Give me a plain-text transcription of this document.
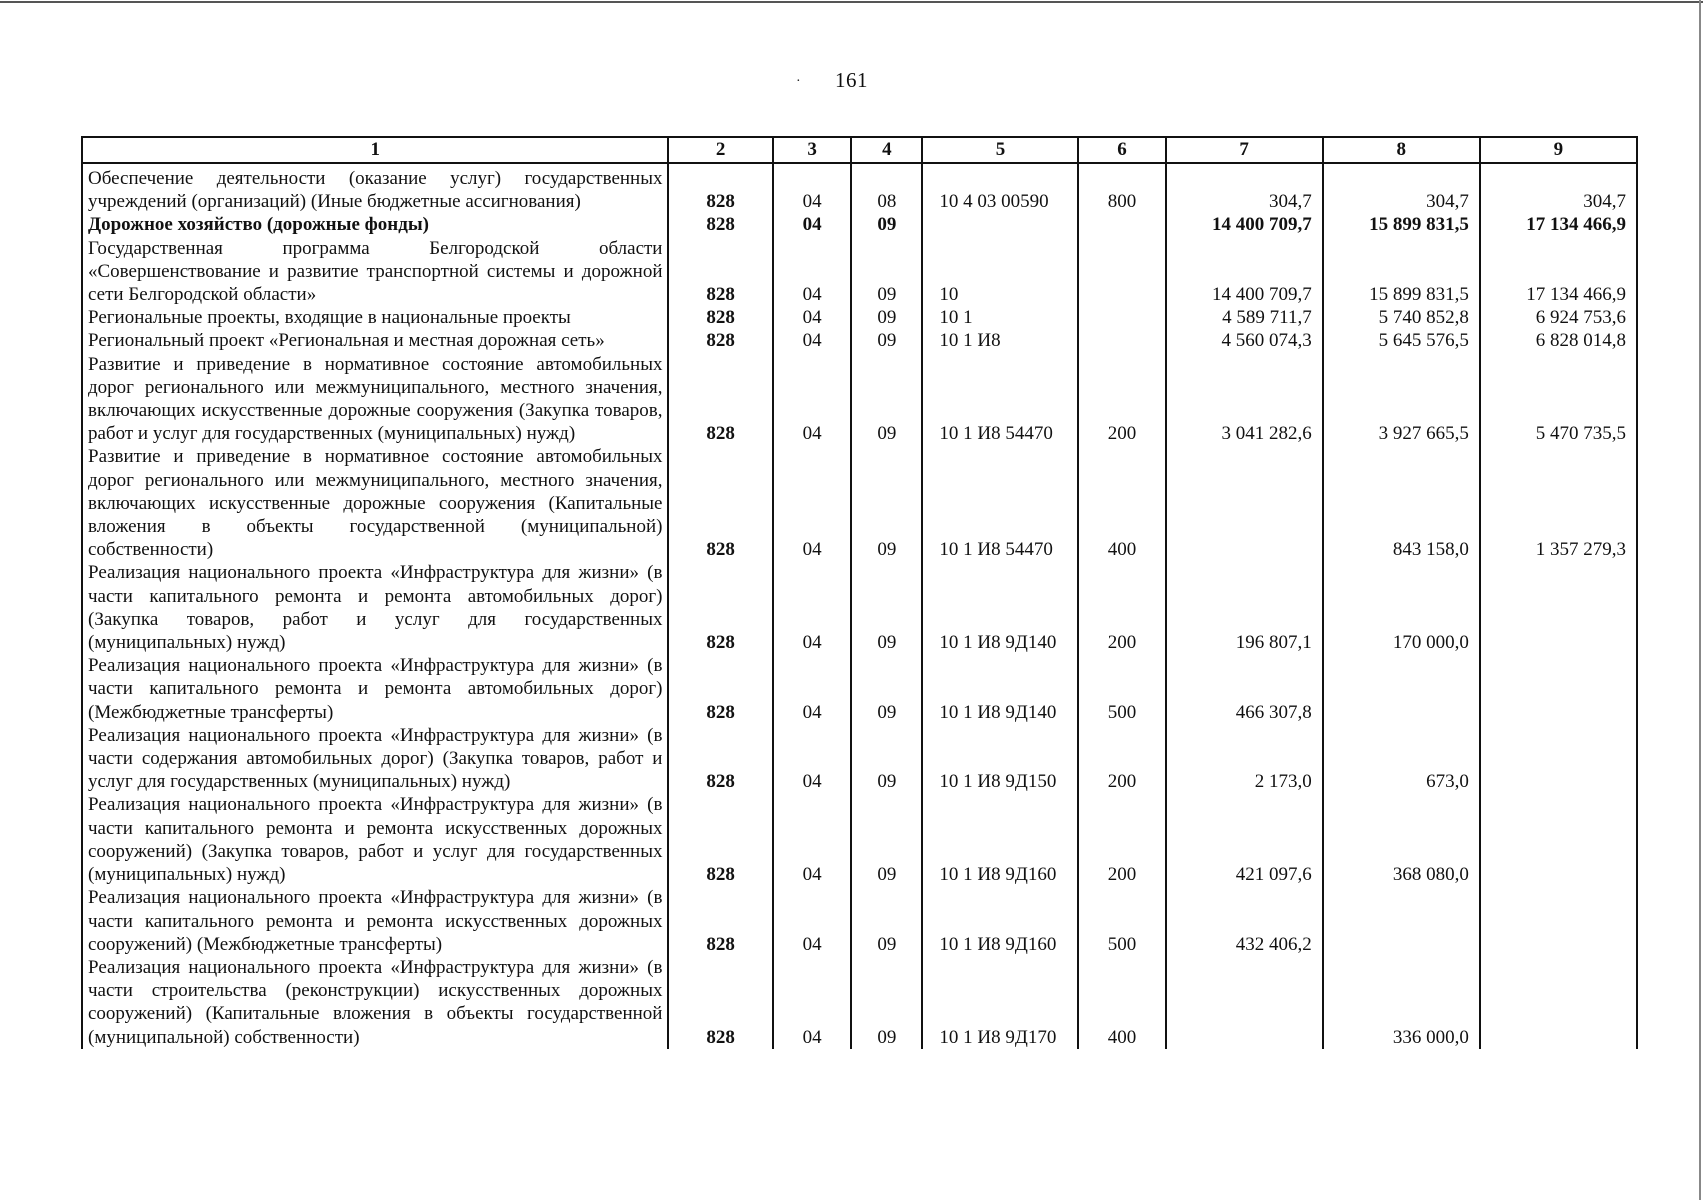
· 161
1	2	3	4	5	6	7	8	9
Обеспечение деятельности (оказание услуг) государственных учреждений (организаций) (Иные бюджетные ассигнования)	828	04	08	10 4 03 00590	800	304,7	304,7	304,7
Дорожное хозяйство (дорожные фонды)	828	04	09			14 400 709,7	15 899 831,5	17 134 466,9
Государственная программа Белгородской области «Совершенствование и развитие транспортной системы и дорожной сети Белгородской области»	828	04	09	10		14 400 709,7	15 899 831,5	17 134 466,9
Региональные проекты, входящие в национальные проекты	828	04	09	10 1		4 589 711,7	5 740 852,8	6 924 753,6
Региональный проект «Региональная и местная дорожная сеть»	828	04	09	10 1 И8		4 560 074,3	5 645 576,5	6 828 014,8
Развитие и приведение в нормативное состояние автомобильных дорог регионального или межмуниципального, местного значения, включающих искусственные дорожные сооружения (Закупка товаров, работ и услуг для государственных (муниципальных) нужд)	828	04	09	10 1 И8 54470	200	3 041 282,6	3 927 665,5	5 470 735,5
Развитие и приведение в нормативное состояние автомобильных дорог регионального или межмуниципального, местного значения, включающих искусственные дорожные сооружения (Капитальные вложения в объекты государственной (муниципальной) собственности)	828	04	09	10 1 И8 54470	400		843 158,0	1 357 279,3
Реализация национального проекта «Инфраструктура для жизни» (в части капитального ремонта и ремонта автомобильных дорог) (Закупка товаров, работ и услуг для государственных (муниципальных) нужд)	828	04	09	10 1 И8 9Д140	200	196 807,1	170 000,0	
Реализация национального проекта «Инфраструктура для жизни» (в части капитального ремонта и ремонта автомобильных дорог) (Межбюджетные трансферты)	828	04	09	10 1 И8 9Д140	500	466 307,8		
Реализация национального проекта «Инфраструктура для жизни» (в части содержания автомобильных дорог) (Закупка товаров, работ и услуг для государственных (муниципальных) нужд)	828	04	09	10 1 И8 9Д150	200	2 173,0	673,0	
Реализация национального проекта «Инфраструктура для жизни» (в части капитального ремонта и ремонта искусственных дорожных сооружений) (Закупка товаров, работ и услуг для государственных (муниципальных) нужд)	828	04	09	10 1 И8 9Д160	200	421 097,6	368 080,0	
Реализация национального проекта «Инфраструктура для жизни» (в части капитального ремонта и ремонта искусственных дорожных сооружений) (Межбюджетные трансферты)	828	04	09	10 1 И8 9Д160	500	432 406,2		
Реализация национального проекта «Инфраструктура для жизни» (в части строительства (реконструкции) искусственных дорожных сооружений) (Капитальные вложения в объекты государственной (муниципальной) собственности)	828	04	09	10 1 И8 9Д170	400		336 000,0	
